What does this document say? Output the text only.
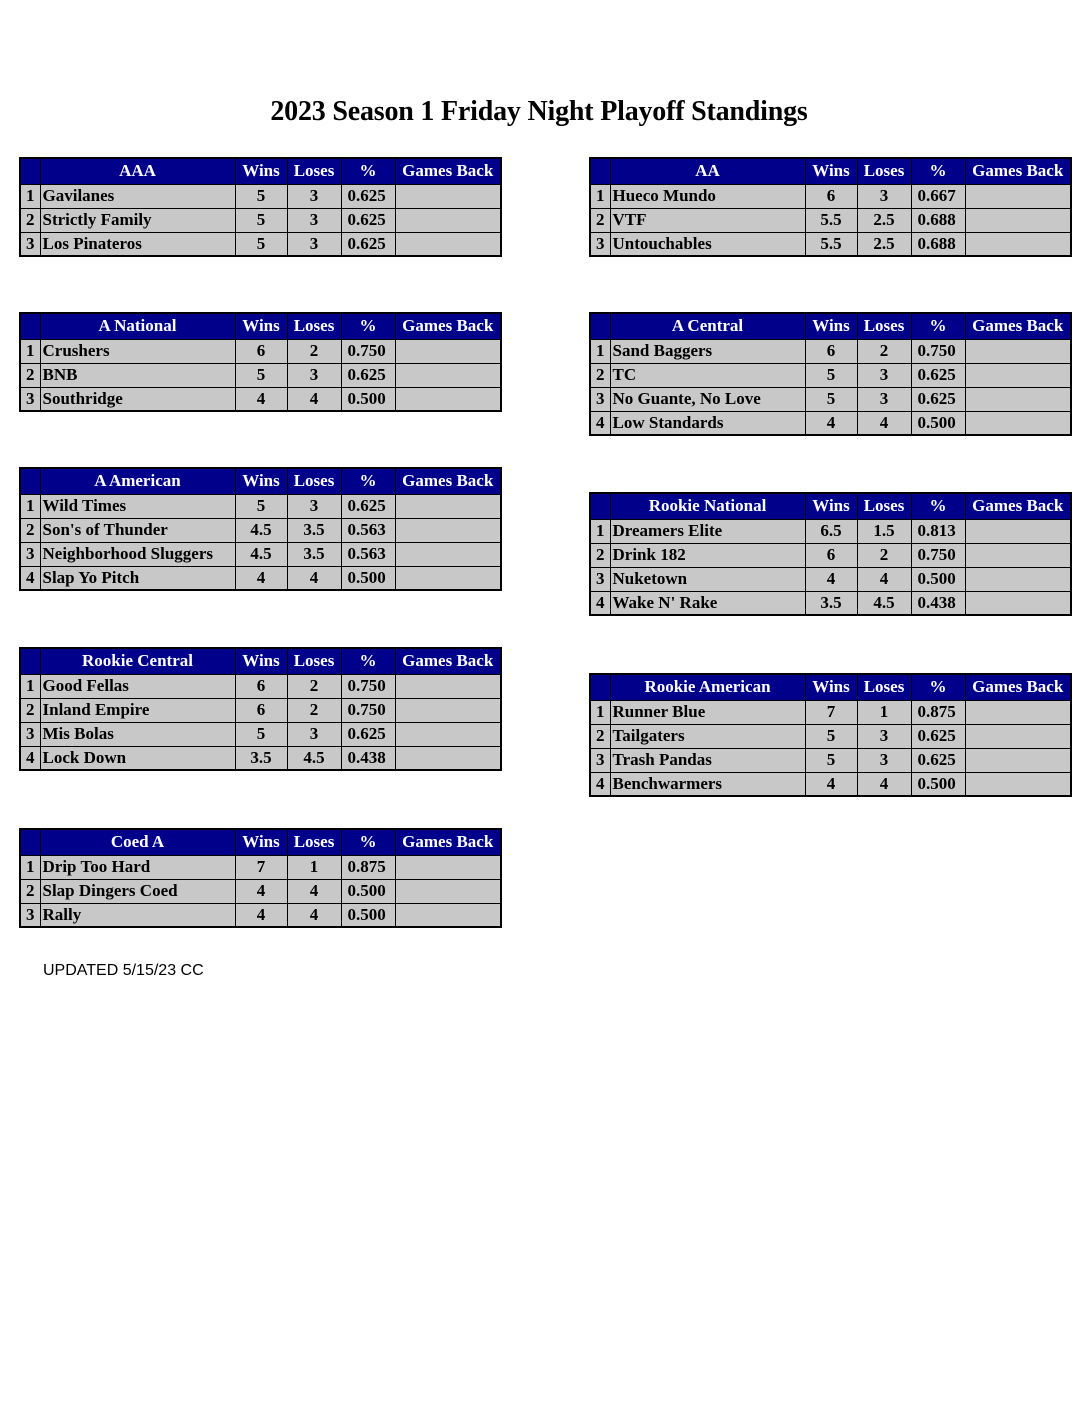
2023 Season 1 Friday Night Playoff Standings
	AAA	Wins	Loses	%	Games Back
1	Gavilanes	5	3	0.625	
2	Strictly Family	5	3	0.625	
3	Los Pinateros	5	3	0.625	
	AA	Wins	Loses	%	Games Back
1	Hueco Mundo	6	3	0.667	
2	VTF	5.5	2.5	0.688	
3	Untouchables	5.5	2.5	0.688	
	A National	Wins	Loses	%	Games Back
1	Crushers	6	2	0.750	
2	BNB	5	3	0.625	
3	Southridge	4	4	0.500	
	A Central	Wins	Loses	%	Games Back
1	Sand Baggers	6	2	0.750	
2	TC	5	3	0.625	
3	No Guante, No Love	5	3	0.625	
4	Low Standards	4	4	0.500	
	A American	Wins	Loses	%	Games Back
1	Wild Times	5	3	0.625	
2	Son's of Thunder	4.5	3.5	0.563	
3	Neighborhood Sluggers	4.5	3.5	0.563	
4	Slap Yo Pitch	4	4	0.500	
	Rookie National	Wins	Loses	%	Games Back
1	Dreamers Elite	6.5	1.5	0.813	
2	Drink 182	6	2	0.750	
3	Nuketown	4	4	0.500	
4	Wake N' Rake	3.5	4.5	0.438	
	Rookie Central	Wins	Loses	%	Games Back
1	Good Fellas	6	2	0.750	
2	Inland Empire	6	2	0.750	
3	Mis Bolas	5	3	0.625	
4	Lock Down	3.5	4.5	0.438	
	Rookie American	Wins	Loses	%	Games Back
1	Runner Blue	7	1	0.875	
2	Tailgaters	5	3	0.625	
3	Trash Pandas	5	3	0.625	
4	Benchwarmers	4	4	0.500	
	Coed A	Wins	Loses	%	Games Back
1	Drip Too Hard	7	1	0.875	
2	Slap Dingers Coed	4	4	0.500	
3	Rally	4	4	0.500	
UPDATED 5/15/23 CC
